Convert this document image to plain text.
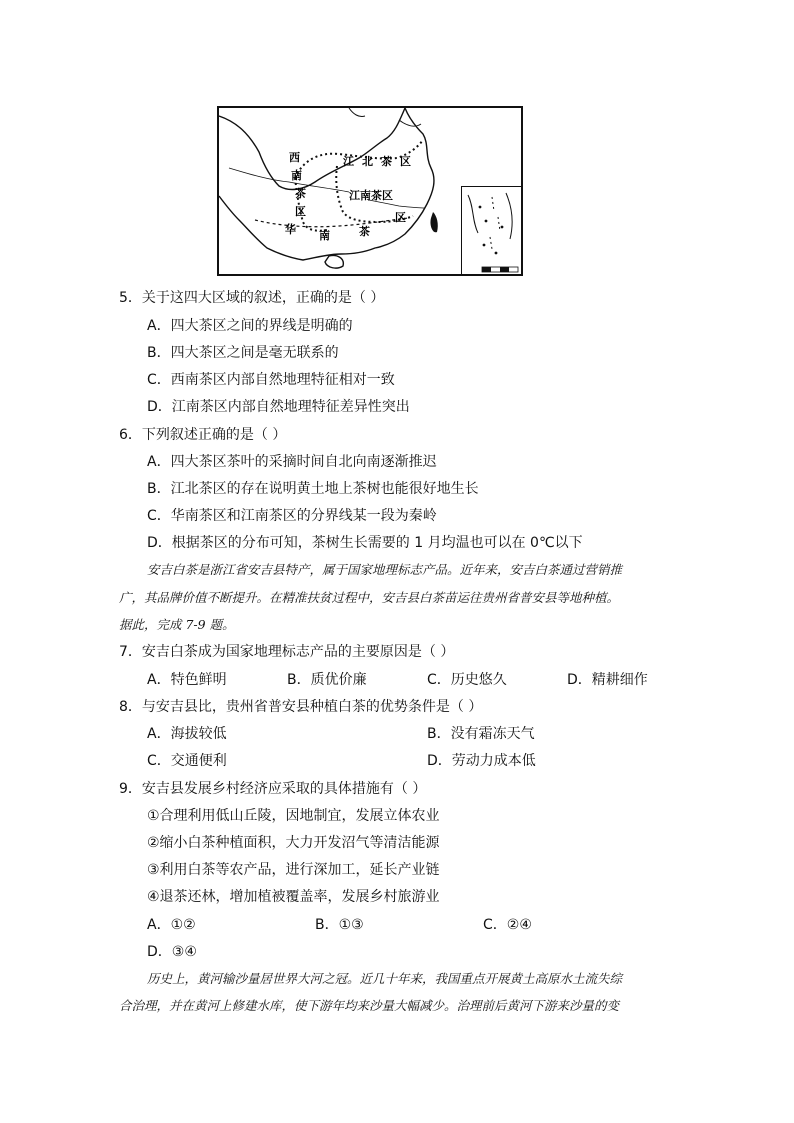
西
南
茶
区
江北茶区
江南茶区
华 南	茶
区
5．关于这四大区域的叙述，正确的是（ ）
A．四大茶区之间的界线是明确的
B．四大茶区之间是毫无联系的
C．西南茶区内部自然地理特征相对一致
D．江南茶区内部自然地理特征差异性突出
6．下列叙述正确的是（ ）
A．四大茶区茶叶的采摘时间自北向南逐渐推迟
B．江北茶区的存在说明黄土地上茶树也能很好地生长
C．华南茶区和江南茶区的分界线某一段为秦岭
D．根据茶区的分布可知，茶树生长需要的 1 月均温也可以在 0℃以下
安吉白茶是浙江省安吉县特产，属于国家地理标志产品。近年来，安吉白茶通过营销推
广，其品牌价值不断提升。在精准扶贫过程中，安吉县白茶苗运往贵州省普安县等地种植。
据此，完成 7-9 题。
7．安吉白茶成为国家地理标志产品的主要原因是（ ）
A．特色鲜明	B．质优价廉	C．历史悠久	D．精耕细作
8．与安吉县比，贵州省普安县种植白茶的优势条件是（ ）
A．海拔较低	B．没有霜冻天气
C．交通便利	D．劳动力成本低
9．安吉县发展乡村经济应采取的具体措施有（ ）
①合理利用低山丘陵，因地制宜，发展立体农业
②缩小白茶种植面积，大力开发沼气等清洁能源
③利用白茶等农产品，进行深加工，延长产业链
④退茶还林，增加植被覆盖率，发展乡村旅游业
A．①②	B．①③	C．②④
D．③④
历史上，黄河输沙量居世界大河之冠。近几十年来，我国重点开展黄土高原水土流失综
合治理，并在黄河上修建水库，使下游年均来沙量大幅减少。治理前后黄河下游来沙量的变
